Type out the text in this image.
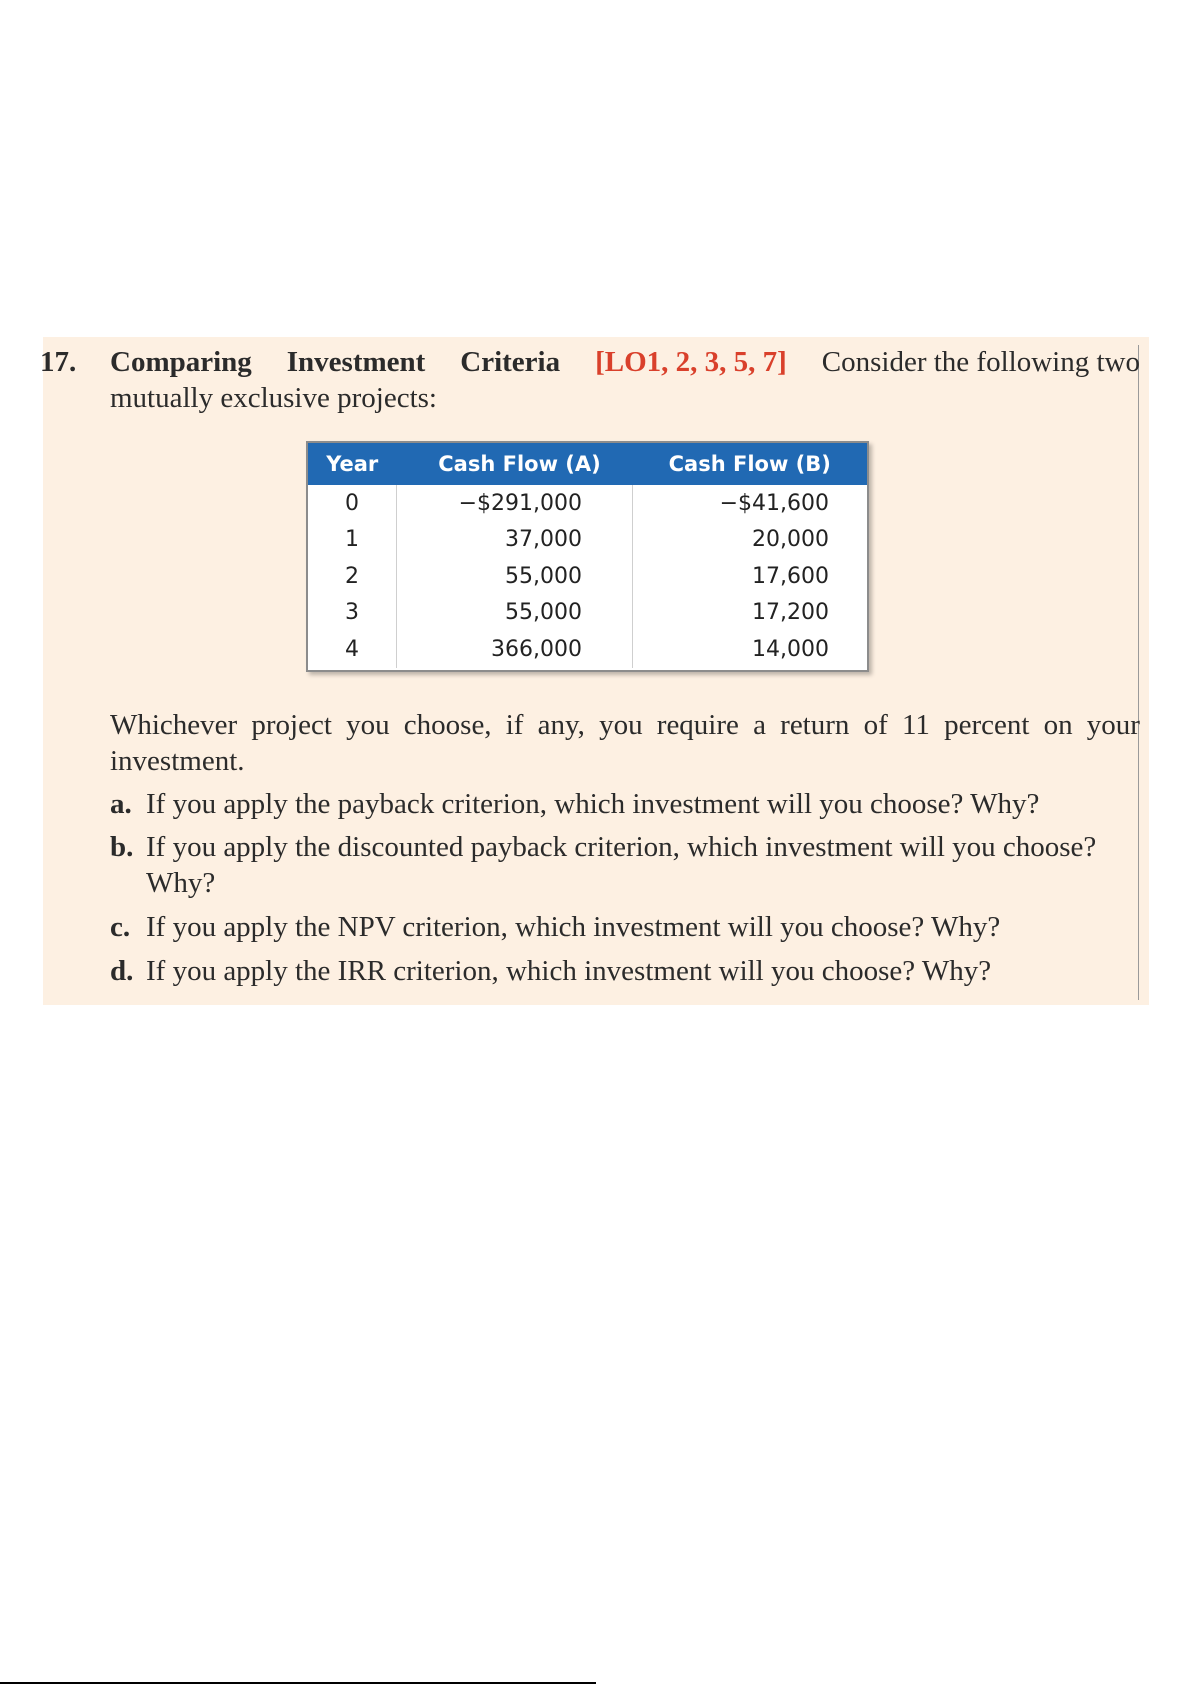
17. Comparing Investment Criteria [LO1, 2, 3, 5, 7] Consider the following two
mutually exclusive projects:
Year	Cash Flow (A)	Cash Flow (B)
0	−$291,000	−$41,600
1	37,000	20,000
2	55,000	17,600
3	55,000	17,200
4	366,000	14,000
Whichever project you choose, if any, you require a return of 11 percent on your
investment.
a. If you apply the payback criterion, which investment will you choose? Why?
b. If you apply the discounted payback criterion, which investment will you choose?
Why?
c. If you apply the NPV criterion, which investment will you choose? Why?
d. If you apply the IRR criterion, which investment will you choose? Why?
